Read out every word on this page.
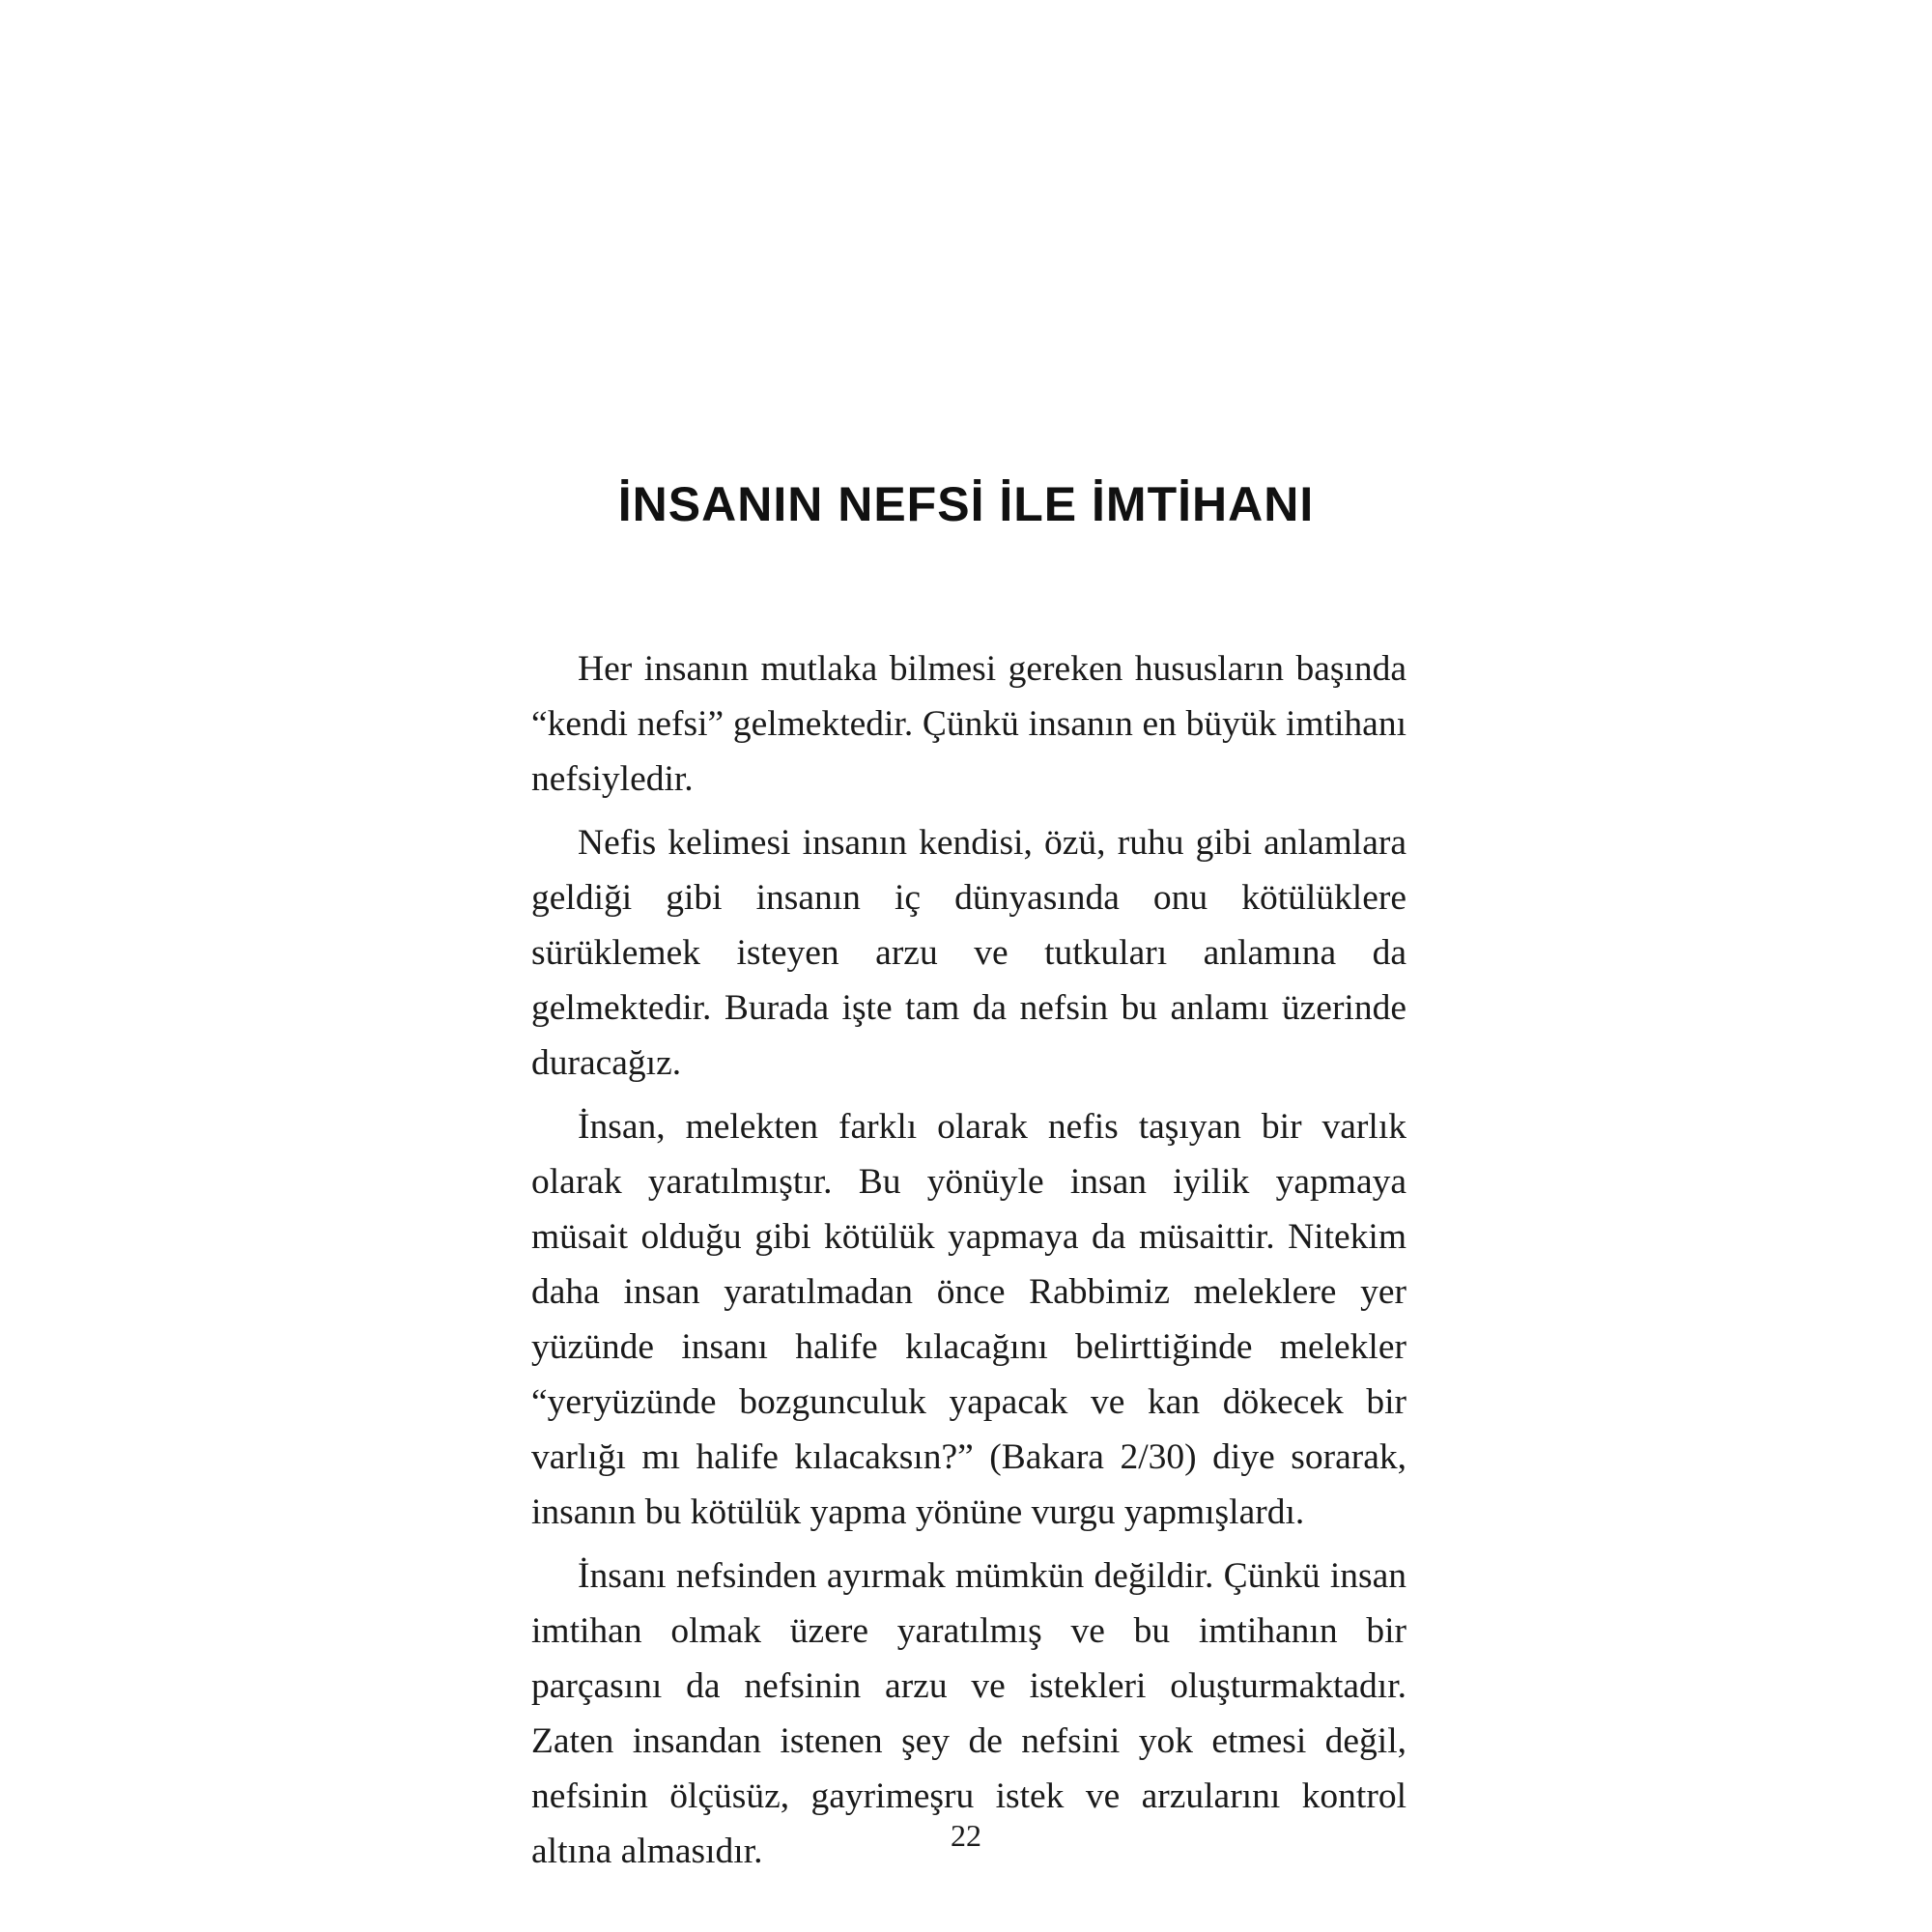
İNSANIN NEFSİ İLE İMTİHANI

Her insanın mutlaka bilmesi gereken hususların başında “kendi nefsi” gelmektedir. Çünkü insanın en büyük imtihanı nefsiyledir.

Nefis kelimesi insanın kendisi, özü, ruhu gibi anlamlara geldiği gibi insanın iç dünyasında onu kötülüklere sürüklemek isteyen arzu ve tutkuları anlamına da gelmektedir. Burada işte tam da nefsin bu anlamı üzerinde duracağız.

İnsan, melekten farklı olarak nefis taşıyan bir varlık olarak yaratılmıştır. Bu yönüyle insan iyilik yapmaya müsait olduğu gibi kötülük yapmaya da müsaittir. Nitekim daha insan yaratılmadan önce Rabbimiz meleklere yer yüzünde insanı halife kılacağını belirttiğinde melekler “yeryüzünde bozgunculuk yapacak ve kan dökecek bir varlığı mı halife kılacaksın?” (Bakara 2/30) diye sorarak, insanın bu kötülük yapma yönüne vurgu yapmışlardı.

İnsanı nefsinden ayırmak mümkün değildir. Çünkü insan imtihan olmak üzere yaratılmış ve bu imtihanın bir parçasını da nefsinin arzu ve istekleri oluşturmaktadır. Zaten insandan istenen şey de nefsini yok etmesi değil, nefsinin ölçüsüz, gayrimeşru istek ve arzularını kontrol altına almasıdır.	22
